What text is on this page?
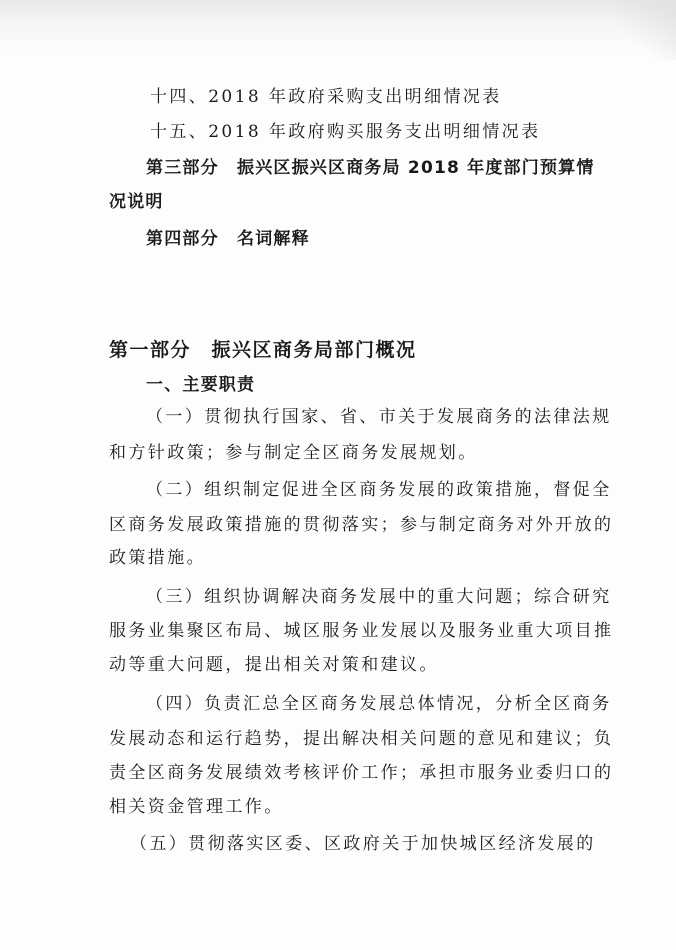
十四、2018 年政府采购支出明细情况表
十五、2018 年政府购买服务支出明细情况表
第三部分　振兴区振兴区商务局 2018 年度部门预算情
况说明
第四部分　名词解释
第一部分　振兴区商务局部门概况
一、主要职责
（一）贯彻执行国家、省、市关于发展商务的法律法规
和方针政策；参与制定全区商务发展规划。
（二）组织制定促进全区商务发展的政策措施，督促全
区商务发展政策措施的贯彻落实；参与制定商务对外开放的
政策措施。
（三）组织协调解决商务发展中的重大问题；综合研究
服务业集聚区布局、城区服务业发展以及服务业重大项目推
动等重大问题，提出相关对策和建议。
（四）负责汇总全区商务发展总体情况，分析全区商务
发展动态和运行趋势，提出解决相关问题的意见和建议；负
责全区商务发展绩效考核评价工作；承担市服务业委归口的
相关资金管理工作。
（五）贯彻落实区委、区政府关于加快城区经济发展的
